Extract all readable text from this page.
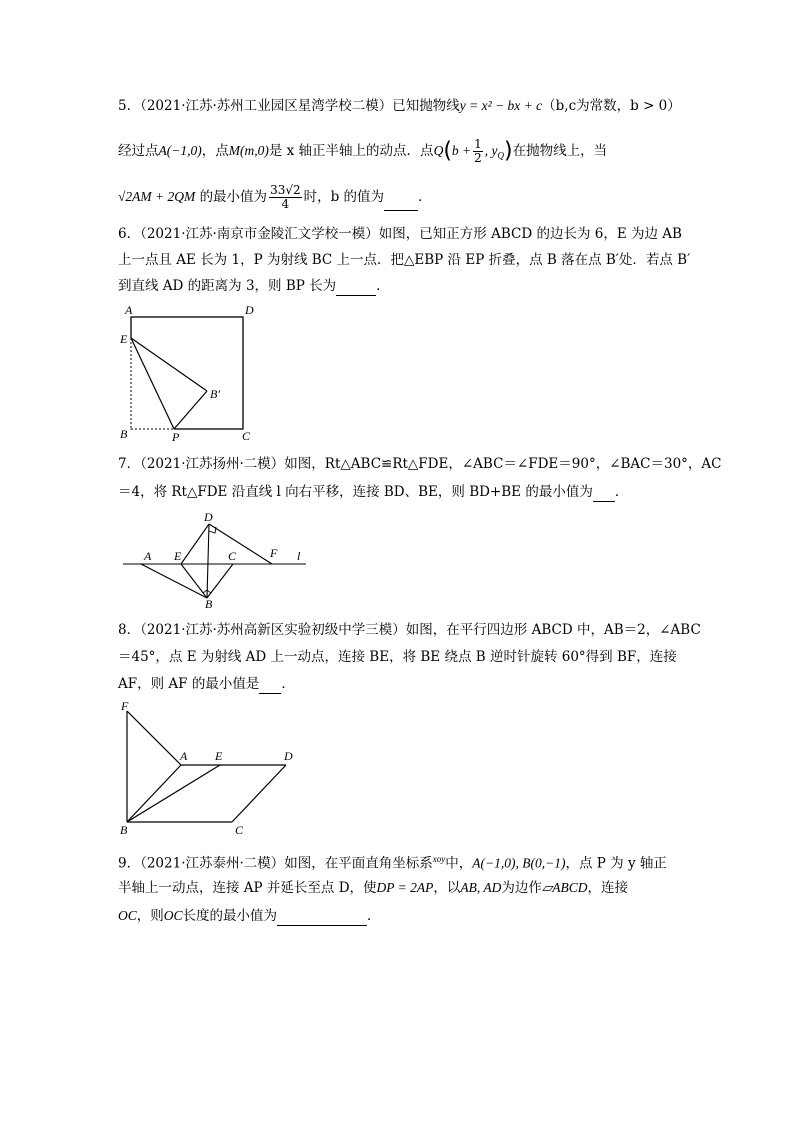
5．（2021·江苏·苏州工业园区星湾学校二模）已知抛物线y = x² − bx + c（b,c为常数，b > 0）
经过点A(−1,0)，点M(m,0)是 x 轴正半轴上的动点．点$Q(b + \frac{1}{2}$ , $y_Q$)在抛物线上，当
√2AM + 2QM 的最小值为 $\frac{33√2}{4}$ 时，b 的值为	．
6．（2021·江苏·南京市金陵汇文学校一模）如图，已知正方形 ABCD 的边长为 6，E 为边 AB
上一点且 AE 长为 1，P 为射线 BC 上一点．把△EBP 沿 EP 折叠，点 B 落在点 B′处．若点 B′
到直线 AD 的距离为 3，则 BP 长为	．
A	D
E
B′
B	P	C
7．（2021·江苏扬州·二模）如图，Rt△ABC≌Rt△FDE，∠ABC＝∠FDE＝90°，∠BAC＝30°，AC
＝4，将 Rt△FDE 沿直线 l 向右平移，连接 BD、BE，则 BD+BE 的最小值为 ．
D
A E	C	F l
B
8．（2021·江苏·苏州高新区实验初级中学三模）如图，在平行四边形 ABCD 中，AB＝2，∠ABC
＝45°，点 E 为射线 AD 上一动点，连接 BE，将 BE 绕点 B 逆时针旋转 60°得到 BF，连接
AF，则 AF 的最小值是 ．
F
A E	D
B	C
9．（2021·江苏泰州·二模）如图，在平面直角坐标系$^{xoy}$中，A(−1,0), B(0,−1)，点 P 为 y 轴正
半轴上一动点，连接 AP 并延长至点 D，使DP = 2AP，以AB, AD为边作▱ABCD，连接
OC，则OC长度的最小值为	．
